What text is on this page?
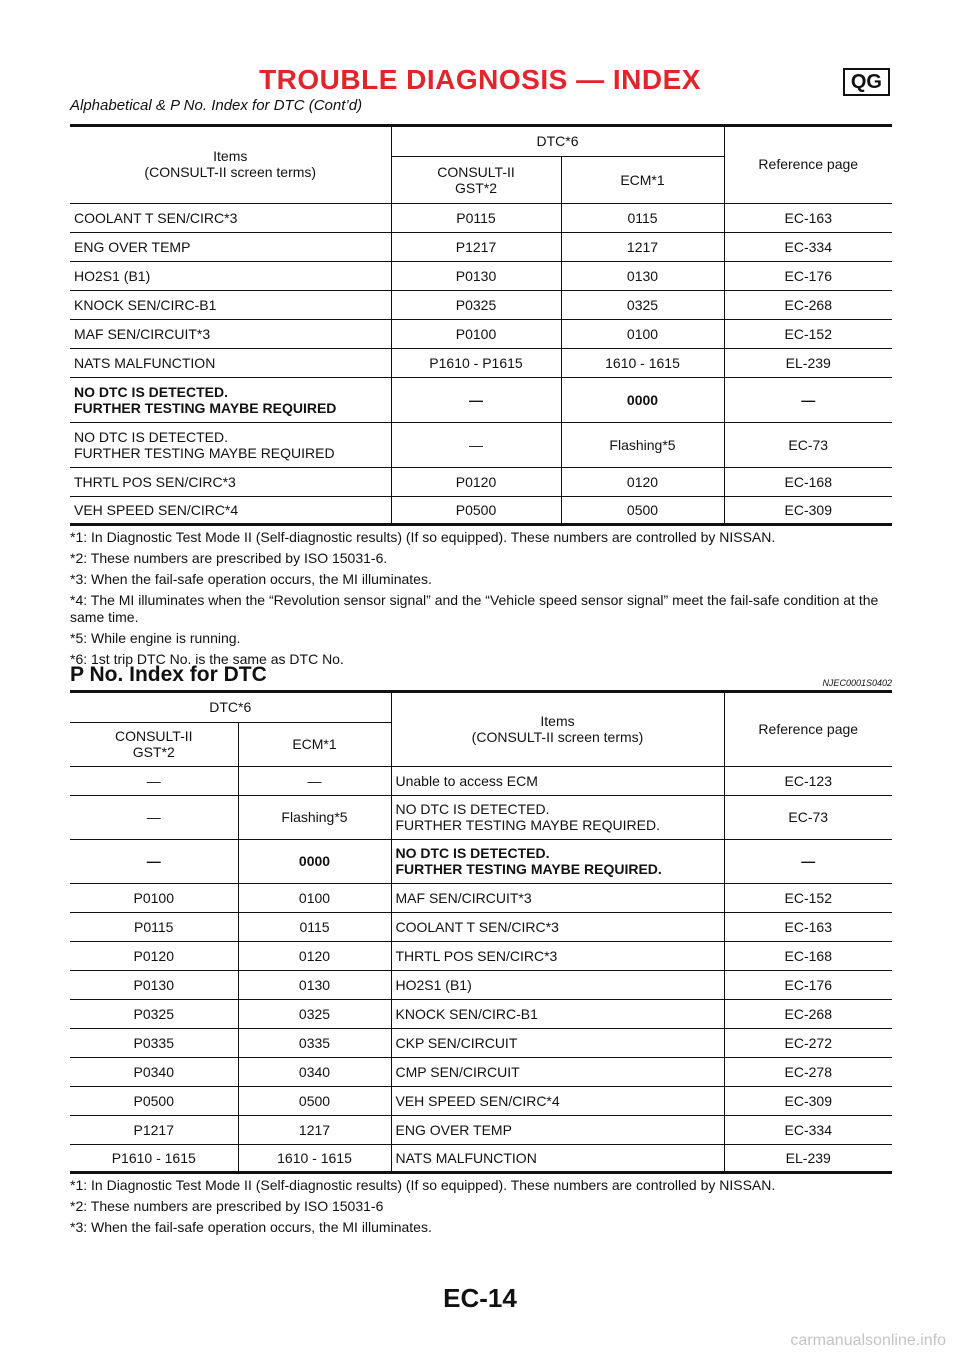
TROUBLE DIAGNOSIS — INDEX	QG
Alphabetical & P No. Index for DTC (Cont’d)
Items
(CONSULT-II screen terms)	DTC*6		Reference page
	CONSULT-II
GST*2	ECM*1	
COOLANT T SEN/CIRC*3	P0115	0115	EC-163
ENG OVER TEMP	P1217	1217	EC-334
HO2S1 (B1)	P0130	0130	EC-176
KNOCK SEN/CIRC-B1	P0325	0325	EC-268
MAF SEN/CIRCUIT*3	P0100	0100	EC-152
NATS MALFUNCTION	P1610 - P1615	1610 - 1615	EL-239
NO DTC IS DETECTED.
FURTHER TESTING MAYBE REQUIRED	—	0000	—
NO DTC IS DETECTED.
FURTHER TESTING MAYBE REQUIRED	—	Flashing*5	EC-73
THRTL POS SEN/CIRC*3	P0120	0120	EC-168
VEH SPEED SEN/CIRC*4	P0500	0500	EC-309

*1: In Diagnostic Test Mode II (Self-diagnostic results) (If so equipped). These numbers are controlled by NISSAN.

*2: These numbers are prescribed by ISO 15031-6.

*3: When the fail-safe operation occurs, the MI illuminates.

*4: The MI illuminates when the “Revolution sensor signal” and the “Vehicle speed sensor signal” meet the fail-safe condition at the same time.

*5: While engine is running.

*6: 1st trip DTC No. is the same as DTC No.

P No. Index for DTC	NJEC0001S0402
DTC*6		Items
(CONSULT-II screen terms)	Reference page
CONSULT-II
GST*2	ECM*1		
—	—	Unable to access ECM	EC-123
—	Flashing*5	NO DTC IS DETECTED.
FURTHER TESTING MAYBE REQUIRED.	EC-73
—	0000	NO DTC IS DETECTED.
FURTHER TESTING MAYBE REQUIRED.	—
P0100	0100	MAF SEN/CIRCUIT*3	EC-152
P0115	0115	COOLANT T SEN/CIRC*3	EC-163
P0120	0120	THRTL POS SEN/CIRC*3	EC-168
P0130	0130	HO2S1 (B1)	EC-176
P0325	0325	KNOCK SEN/CIRC-B1	EC-268
P0335	0335	CKP SEN/CIRCUIT	EC-272
P0340	0340	CMP SEN/CIRCUIT	EC-278
P0500	0500	VEH SPEED SEN/CIRC*4	EC-309
P1217	1217	ENG OVER TEMP	EC-334
P1610 - 1615	1610 - 1615	NATS MALFUNCTION	EL-239

*1: In Diagnostic Test Mode II (Self-diagnostic results) (If so equipped). These numbers are controlled by NISSAN.

*2: These numbers are prescribed by ISO 15031-6

*3: When the fail-safe operation occurs, the MI illuminates.

EC-14
carmanualsonline.info
